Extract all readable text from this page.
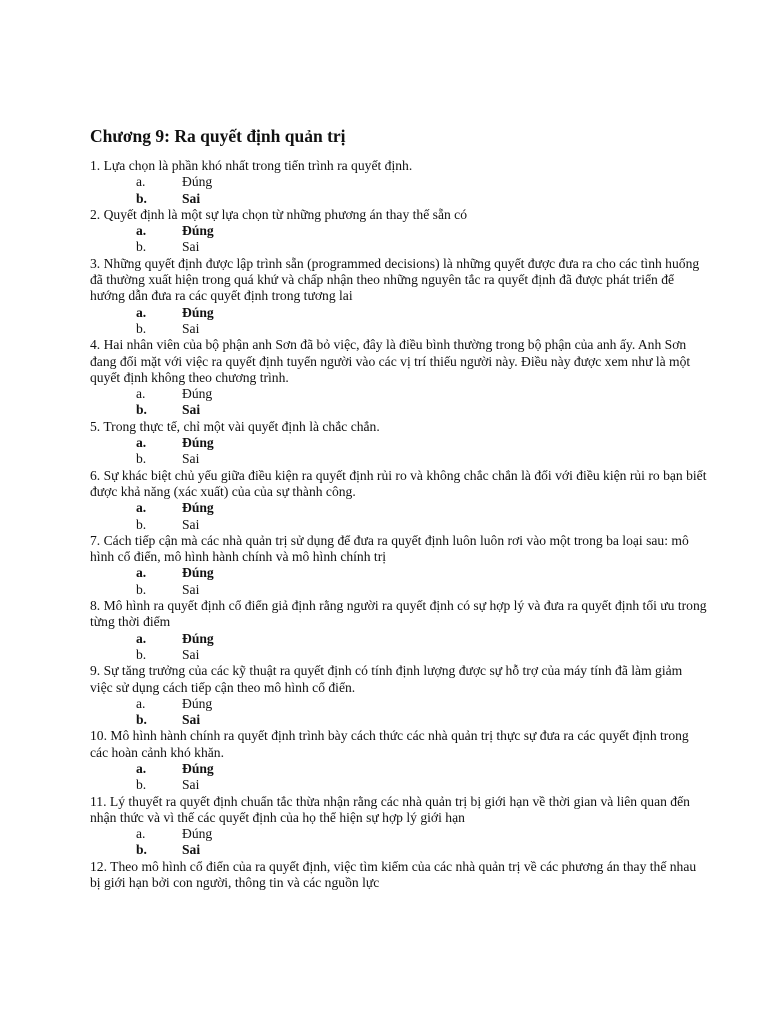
Chương 9: Ra quyết định quản trị

1. Lựa chọn là phần khó nhất trong tiến trình ra quyết định.

a.	Đúng
b.	Sai

2. Quyết định là một sự lựa chọn từ những phương án thay thế sẵn có

a.	Đúng
b.	Sai

3. Những quyết định được lập trình sẵn (programmed decisions) là những quyết được đưa ra cho các tình huống đã thường xuất hiện trong quá khứ và chấp nhận theo những nguyên tắc ra quyết định đã được phát triển để hướng dẫn đưa ra các quyết định trong tương lai

a.	Đúng
b.	Sai

4. Hai nhân viên của bộ phận anh Sơn đã bỏ việc, đây là điều bình thường trong bộ phận của anh ấy. Anh Sơn đang đối mặt với việc ra quyết định tuyển người vào các vị trí thiếu người này. Điều này được xem như là một quyết định không theo chương trình.

a.	Đúng
b.	Sai

5. Trong thực tế, chỉ một vài quyết định là chắc chắn.

a.	Đúng
b.	Sai

6. Sự khác biệt chủ yếu giữa điều kiện ra quyết định rủi ro và không chắc chắn là đối với điều kiện rủi ro bạn biết được khả năng (xác xuất) của của sự thành công.

a.	Đúng
b.	Sai

7. Cách tiếp cận mà các nhà quản trị sử dụng để đưa ra quyết định luôn luôn rơi vào một trong ba loại sau: mô hình cổ điển, mô hình hành chính và mô hình chính trị

a.	Đúng
b.	Sai

8. Mô hình ra quyết định cổ điển giả định rằng người ra quyết định có sự hợp lý và đưa ra quyết định tối ưu trong từng thời điểm

a.	Đúng
b.	Sai

9. Sự tăng trưởng của các kỹ thuật ra quyết định có tính định lượng được sự hỗ trợ của máy tính đã làm giảm việc sử dụng cách tiếp cận theo mô hình cổ điển.

a.	Đúng
b.	Sai

10. Mô hình hành chính ra quyết định trình bày cách thức các nhà quản trị thực sự đưa ra các quyết định trong các hoàn cảnh khó khăn.

a.	Đúng
b.	Sai

11. Lý thuyết ra quyết định chuẩn tắc thừa nhận rằng các nhà quản trị bị giới hạn về thời gian và liên quan đến nhận thức và vì thế các quyết định của họ thể hiện sự hợp lý giới hạn

a.	Đúng
b.	Sai

12. Theo mô hình cổ điển của ra quyết định, việc tìm kiếm của các nhà quản trị về các phương án thay thế nhau bị giới hạn bởi con người, thông tin và các nguồn lực
